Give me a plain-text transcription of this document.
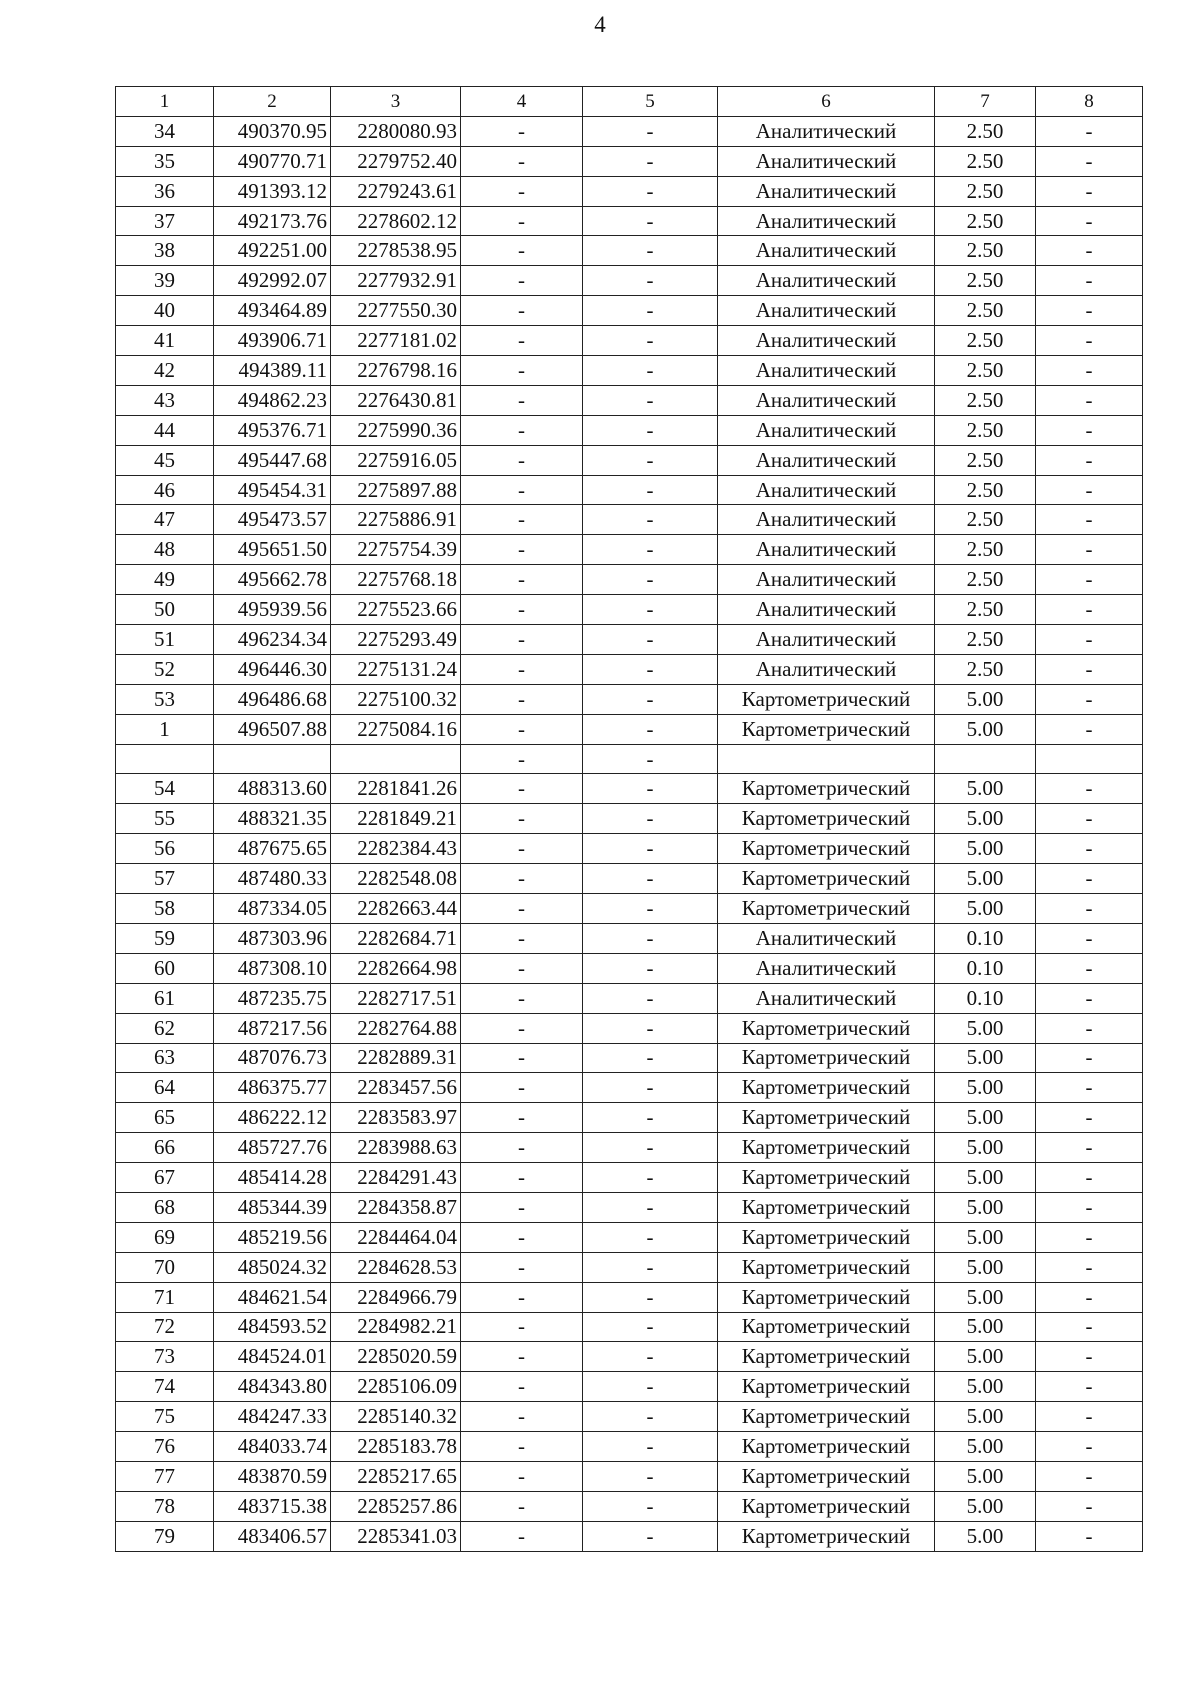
4
1	2	3	4	5	6	7	8
34	490370.95	2280080.93	-	-	Аналитический	2.50	-
35	490770.71	2279752.40	-	-	Аналитический	2.50	-
36	491393.12	2279243.61	-	-	Аналитический	2.50	-
37	492173.76	2278602.12	-	-	Аналитический	2.50	-
38	492251.00	2278538.95	-	-	Аналитический	2.50	-
39	492992.07	2277932.91	-	-	Аналитический	2.50	-
40	493464.89	2277550.30	-	-	Аналитический	2.50	-
41	493906.71	2277181.02	-	-	Аналитический	2.50	-
42	494389.11	2276798.16	-	-	Аналитический	2.50	-
43	494862.23	2276430.81	-	-	Аналитический	2.50	-
44	495376.71	2275990.36	-	-	Аналитический	2.50	-
45	495447.68	2275916.05	-	-	Аналитический	2.50	-
46	495454.31	2275897.88	-	-	Аналитический	2.50	-
47	495473.57	2275886.91	-	-	Аналитический	2.50	-
48	495651.50	2275754.39	-	-	Аналитический	2.50	-
49	495662.78	2275768.18	-	-	Аналитический	2.50	-
50	495939.56	2275523.66	-	-	Аналитический	2.50	-
51	496234.34	2275293.49	-	-	Аналитический	2.50	-
52	496446.30	2275131.24	-	-	Аналитический	2.50	-
53	496486.68	2275100.32	-	-	Картометрический	5.00	-
1	496507.88	2275084.16	-	-	Картометрический	5.00	-
			-	-			
54	488313.60	2281841.26	-	-	Картометрический	5.00	-
55	488321.35	2281849.21	-	-	Картометрический	5.00	-
56	487675.65	2282384.43	-	-	Картометрический	5.00	-
57	487480.33	2282548.08	-	-	Картометрический	5.00	-
58	487334.05	2282663.44	-	-	Картометрический	5.00	-
59	487303.96	2282684.71	-	-	Аналитический	0.10	-
60	487308.10	2282664.98	-	-	Аналитический	0.10	-
61	487235.75	2282717.51	-	-	Аналитический	0.10	-
62	487217.56	2282764.88	-	-	Картометрический	5.00	-
63	487076.73	2282889.31	-	-	Картометрический	5.00	-
64	486375.77	2283457.56	-	-	Картометрический	5.00	-
65	486222.12	2283583.97	-	-	Картометрический	5.00	-
66	485727.76	2283988.63	-	-	Картометрический	5.00	-
67	485414.28	2284291.43	-	-	Картометрический	5.00	-
68	485344.39	2284358.87	-	-	Картометрический	5.00	-
69	485219.56	2284464.04	-	-	Картометрический	5.00	-
70	485024.32	2284628.53	-	-	Картометрический	5.00	-
71	484621.54	2284966.79	-	-	Картометрический	5.00	-
72	484593.52	2284982.21	-	-	Картометрический	5.00	-
73	484524.01	2285020.59	-	-	Картометрический	5.00	-
74	484343.80	2285106.09	-	-	Картометрический	5.00	-
75	484247.33	2285140.32	-	-	Картометрический	5.00	-
76	484033.74	2285183.78	-	-	Картометрический	5.00	-
77	483870.59	2285217.65	-	-	Картометрический	5.00	-
78	483715.38	2285257.86	-	-	Картометрический	5.00	-
79	483406.57	2285341.03	-	-	Картометрический	5.00	-
